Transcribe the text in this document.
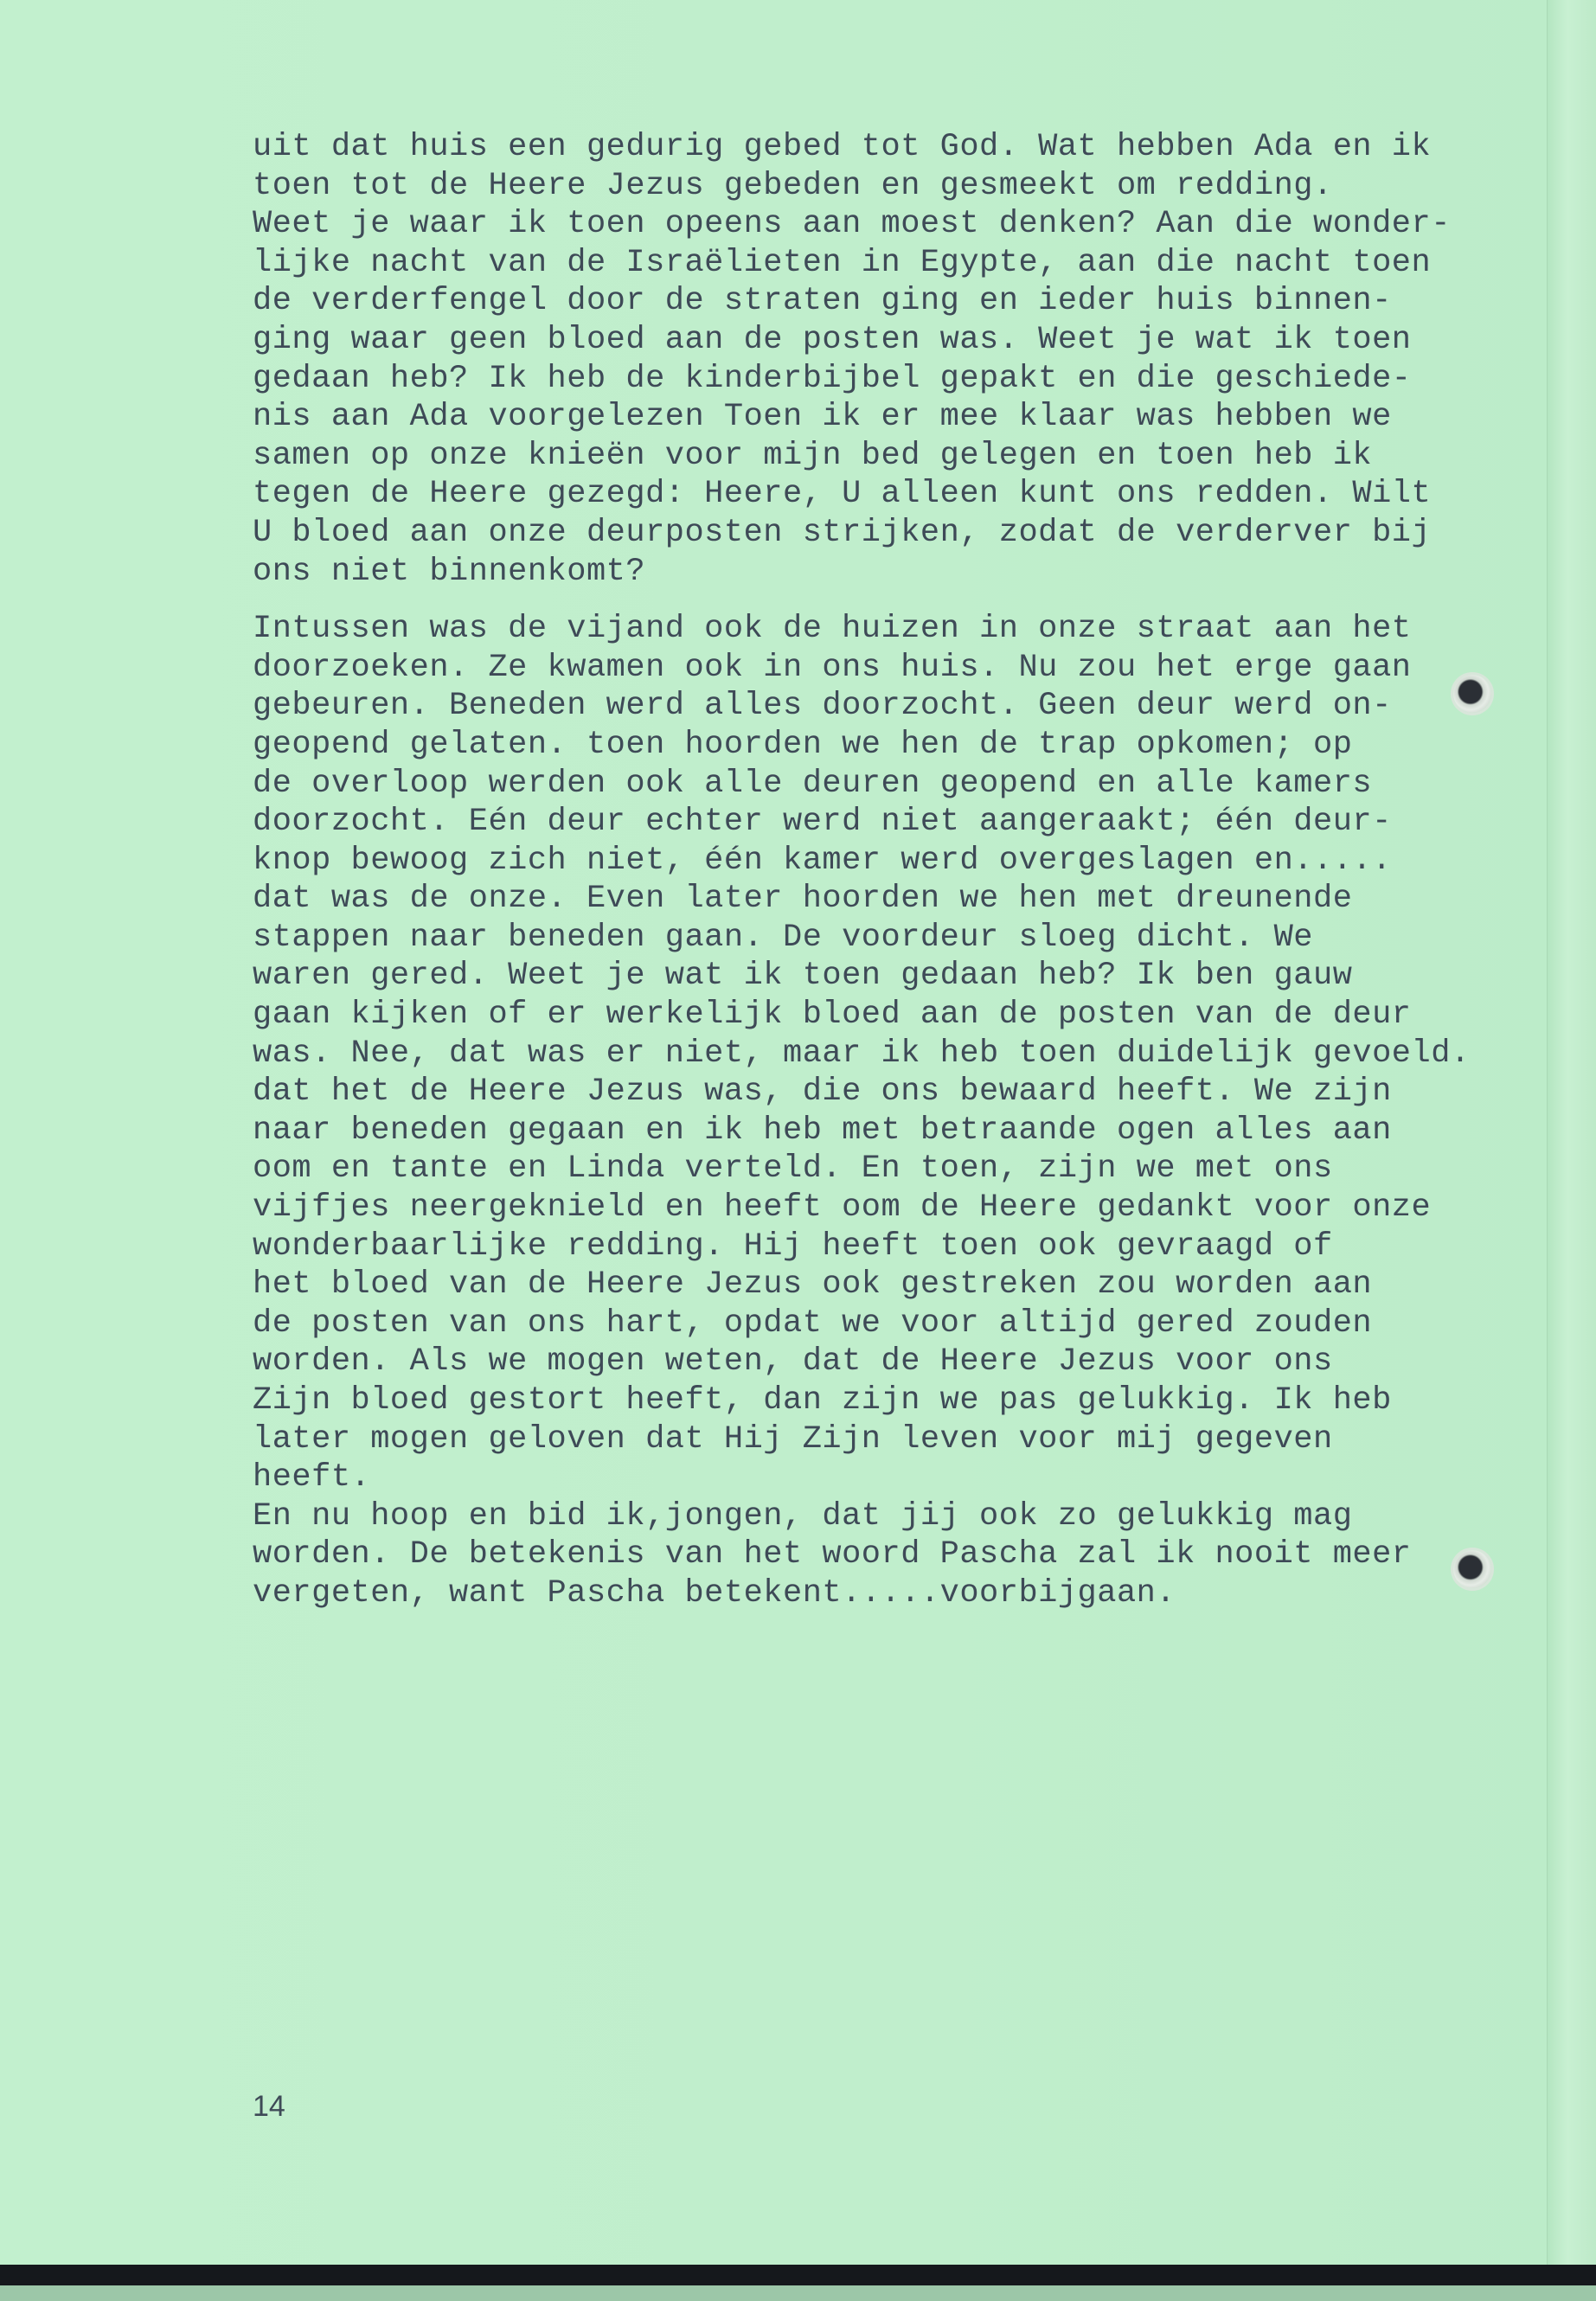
uit dat huis een gedurig gebed tot God. Wat hebben Ada en ik
toen tot de Heere Jezus gebeden en gesmeekt om redding.
Weet je waar ik toen opeens aan moest denken? Aan die wonder-
lijke nacht van de Israëlieten in Egypte, aan die nacht toen
de verderfengel door de straten ging en ieder huis binnen-
ging waar geen bloed aan de posten was. Weet je wat ik toen
gedaan heb? Ik heb de kinderbijbel gepakt en die geschiede-
nis aan Ada voorgelezen Toen ik er mee klaar was hebben we
samen op onze knieën voor mijn bed gelegen en toen heb ik
tegen de Heere gezegd: Heere, U alleen kunt ons redden. Wilt
U bloed aan onze deurposten strijken, zodat de verderver bij
ons niet binnenkomt?
Intussen was de vijand ook de huizen in onze straat aan het
doorzoeken. Ze kwamen ook in ons huis. Nu zou het erge gaan
gebeuren. Beneden werd alles doorzocht. Geen deur werd on-
geopend gelaten. toen hoorden we hen de trap opkomen; op
de overloop werden ook alle deuren geopend en alle kamers
doorzocht. Eén deur echter werd niet aangeraakt; één deur-
knop bewoog zich niet, één kamer werd overgeslagen en.....
dat was de onze. Even later hoorden we hen met dreunende
stappen naar beneden gaan. De voordeur sloeg dicht. We
waren gered. Weet je wat ik toen gedaan heb? Ik ben gauw
gaan kijken of er werkelijk bloed aan de posten van de deur
was. Nee, dat was er niet, maar ik heb toen duidelijk gevoeld.
dat het de Heere Jezus was, die ons bewaard heeft. We zijn
naar beneden gegaan en ik heb met betraande ogen alles aan
oom en tante en Linda verteld. En toen, zijn we met ons
vijfjes neergeknield en heeft oom de Heere gedankt voor onze
wonderbaarlijke redding. Hij heeft toen ook gevraagd of
het bloed van de Heere Jezus ook gestreken zou worden aan
de posten van ons hart, opdat we voor altijd gered zouden
worden. Als we mogen weten, dat de Heere Jezus voor ons
Zijn bloed gestort heeft, dan zijn we pas gelukkig. Ik heb
later mogen geloven dat Hij Zijn leven voor mij gegeven
heeft.
En nu hoop en bid ik,jongen, dat jij ook zo gelukkig mag
worden. De betekenis van het woord Pascha zal ik nooit meer
vergeten, want Pascha betekent.....voorbijgaan.
14
